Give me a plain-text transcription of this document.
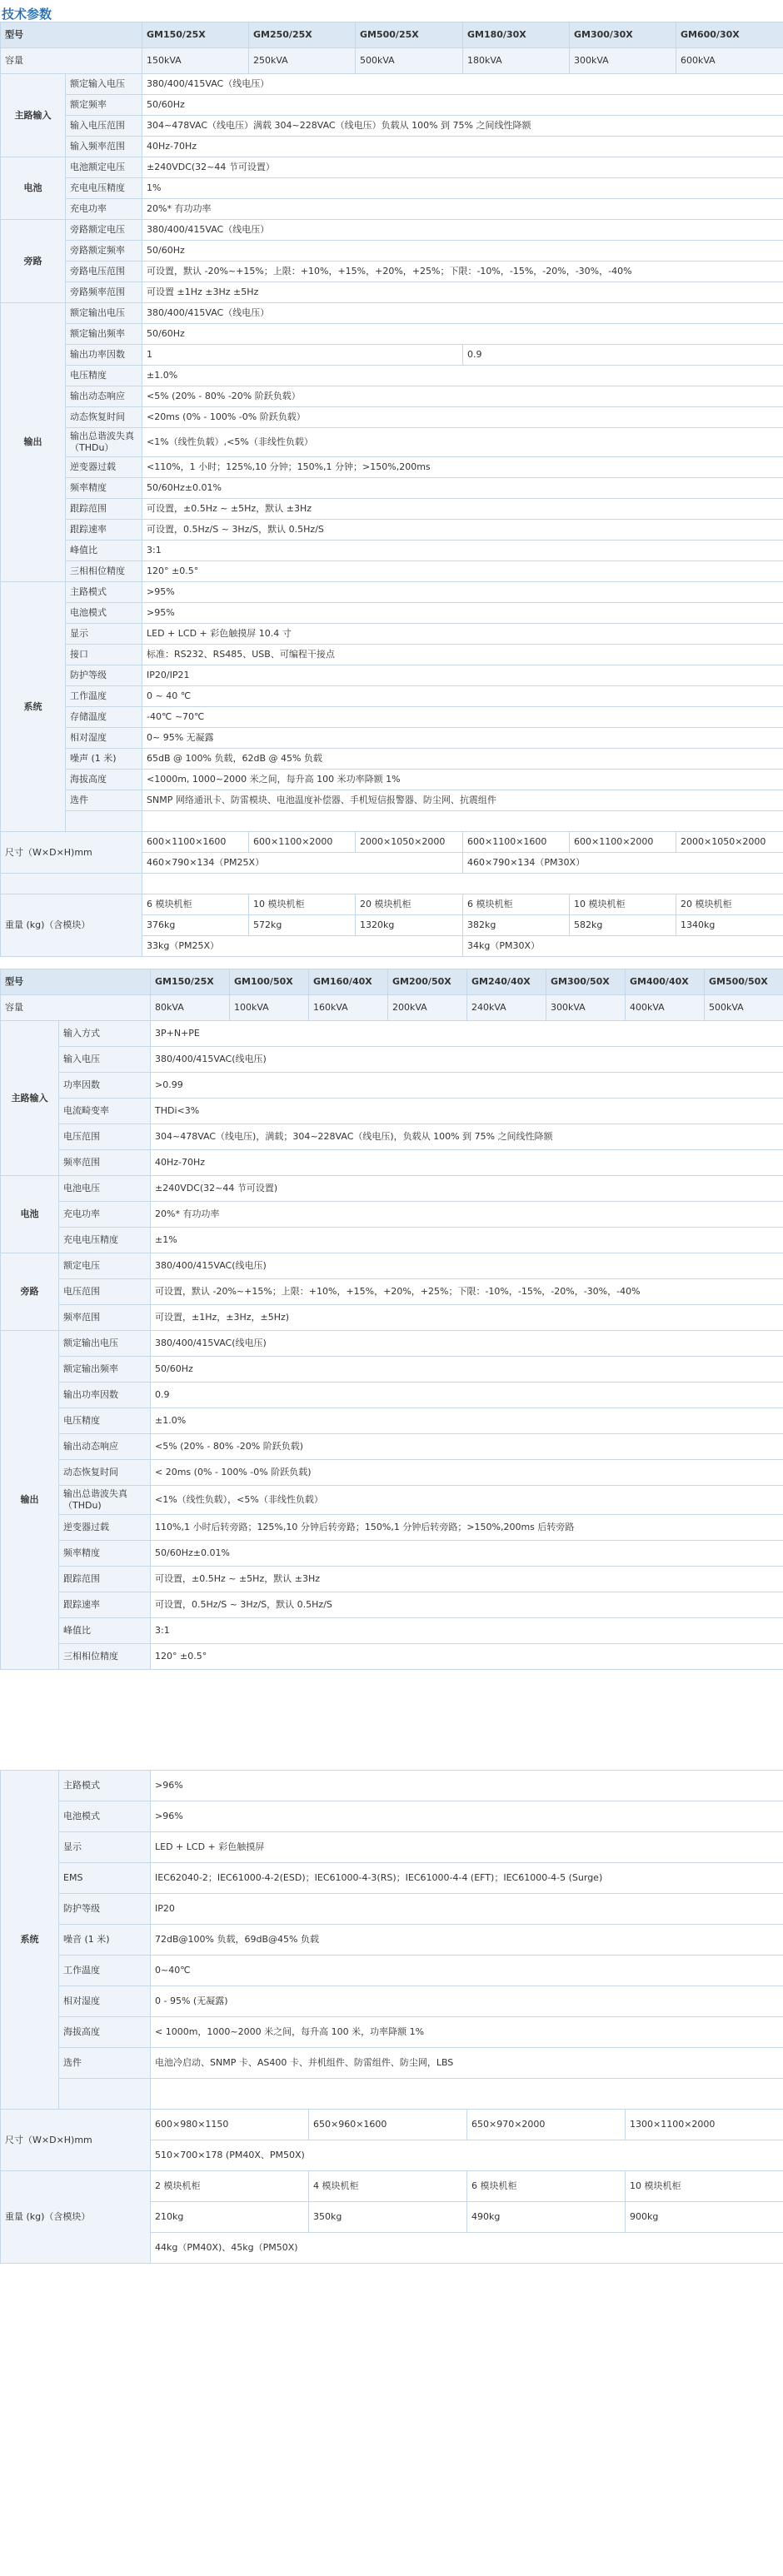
技术参数
型号		GM150/25X	GM250/25X	GM500/25X	GM180/30X	GM300/30X	GM600/30X
容量		150kVA	250kVA	500kVA	180kVA	300kVA	600kVA
主路输入	额定输入电压	380/400/415VAC（线电压）					
	额定频率	50/60Hz					
	输入电压范围	304~478VAC（线电压）满载 304~228VAC（线电压）负载从 100% 到 75% 之间线性降额					
	输入频率范围	40Hz-70Hz					
电池	电池额定电压	±240VDC(32~44 节可设置）					
	充电电压精度	1%					
	充电功率	20%* 有功功率					
旁路	旁路额定电压	380/400/415VAC（线电压）					
	旁路额定频率	50/60Hz					
	旁路电压范围	可设置，默认 -20%~+15%；上限：+10%，+15%，+20%，+25%；下限：-10%，-15%，-20%，-30%，-40%					
	旁路频率范围	可设置 ±1Hz ±3Hz ±5Hz					
输出	额定输出电压	380/400/415VAC（线电压）					
	额定输出频率	50/60Hz					
	输出功率因数	1			0.9		
	电压精度	±1.0%					
	输出动态响应	<5% (20% - 80% -20% 阶跃负载）					
	动态恢复时间	<20ms (0% - 100% -0% 阶跃负载）					
	输出总谐波失真（THDu）	<1%（线性负载）,<5%（非线性负载）					
	逆变器过载	<110%，1 小时；125%,10 分钟；150%,1 分钟；>150%,200ms					
	频率精度	50/60Hz±0.01%					
	跟踪范围	可设置，±0.5Hz ~ ±5Hz，默认 ±3Hz					
	跟踪速率	可设置，0.5Hz/S ~ 3Hz/S，默认 0.5Hz/S					
	峰值比	3:1					
	三相相位精度	120° ±0.5°					
系统	主路模式	>95%					
	电池模式	>95%					
	显示	LED + LCD + 彩色触摸屏 10.4 寸					
	接口	标准：RS232、RS485、USB、可编程干接点					
	防护等级	IP20/IP21					
	工作温度	0 ~ 40 ℃					
	存储温度	-40℃ ~70℃					
	相对湿度	0~ 95% 无凝露					
	噪声 (1 米)	65dB @ 100% 负载，62dB @ 45% 负载					
	海拔高度	<1000m, 1000~2000 米之间，每升高 100 米功率降额 1%					
	选件	SNMP 网络通讯卡、防雷模块、电池温度补偿器、手机短信报警器、防尘网、抗震组件					

尺寸（W×D×H)mm		600×1100×1600	600×1100×2000	2000×1050×2000	600×1100×1600	600×1100×2000	2000×1050×2000
		460×790×134（PM25X）			460×790×134（PM30X）		

重量 (kg)（含模块）		6 模块机柜	10 模块机柜	20 模块机柜	6 模块机柜	10 模块机柜	20 模块机柜
		376kg	572kg	1320kg	382kg	582kg	1340kg
		33kg（PM25X）			34kg（PM30X）		
型号		GM150/25X	GM100/50X	GM160/40X	GM200/50X	GM240/40X	GM300/50X	GM400/40X	GM500/50X
容量		80kVA	100kVA	160kVA	200kVA	240kVA	300kVA	400kVA	500kVA
主路输入	输入方式	3P+N+PE							
	输入电压	380/400/415VAC(线电压)							
	功率因数	>0.99							
	电流畸变率	THDi<3%							
	电压范围	304~478VAC（线电压)，满载；304~228VAC（线电压)，负载从 100% 到 75% 之间线性降额							
	频率范围	40Hz-70Hz							
电池	电池电压	±240VDC(32~44 节可设置)							
	充电功率	20%* 有功功率							
	充电电压精度	±1%							
旁路	额定电压	380/400/415VAC(线电压)							
	电压范围	可设置，默认 -20%~+15%；上限：+10%，+15%，+20%，+25%；下限：-10%，-15%，-20%，-30%，-40%							
	频率范围	可设置，±1Hz，±3Hz，±5Hz)							
输出	额定输出电压	380/400/415VAC(线电压)							
	额定输出频率	50/60Hz							
	输出功率因数	0.9							
	电压精度	±1.0%							
	输出动态响应	<5% (20% - 80% -20% 阶跃负载)							
	动态恢复时间	< 20ms (0% - 100% -0% 阶跃负载)							
	输出总谐波失真（THDu)	<1%（线性负载），<5%（非线性负载）							
	逆变器过载	110%,1 小时后转旁路；125%,10 分钟后转旁路；150%,1 分钟后转旁路；>150%,200ms 后转旁路							
	频率精度	50/60Hz±0.01%							
	跟踪范围	可设置，±0.5Hz ~ ±5Hz，默认 ±3Hz							
	跟踪速率	可设置，0.5Hz/S ~ 3Hz/S，默认 0.5Hz/S							
	峰值比	3:1							
	三相相位精度	120° ±0.5°							
系统	主路模式	>96%			
	电池模式	>96%			
	显示	LED + LCD + 彩色触摸屏			
	EMS	IEC62040-2；IEC61000-4-2(ESD)；IEC61000-4-3(RS)；IEC61000-4-4 (EFT)；IEC61000-4-5 (Surge)			
	防护等级	IP20			
	噪音 (1 米)	72dB@100% 负载，69dB@45% 负载			
	工作温度	0~40℃			
	相对湿度	0 - 95% (无凝露)			
	海拔高度	< 1000m，1000~2000 米之间，每升高 100 米，功率降额 1%			
	选件	电池冷启动、SNMP 卡、AS400 卡、并机组件、防雷组件、防尘网，LBS			

尺寸（W×D×H)mm		600×980×1150	650×960×1600	650×970×2000	1300×1100×2000
		510×700×178 (PM40X、PM50X)			
重量 (kg)（含模块）		2 模块机柜	4 模块机柜	6 模块机柜	10 模块机柜
		210kg	350kg	490kg	900kg
		44kg（PM40X)、45kg（PM50X)			
